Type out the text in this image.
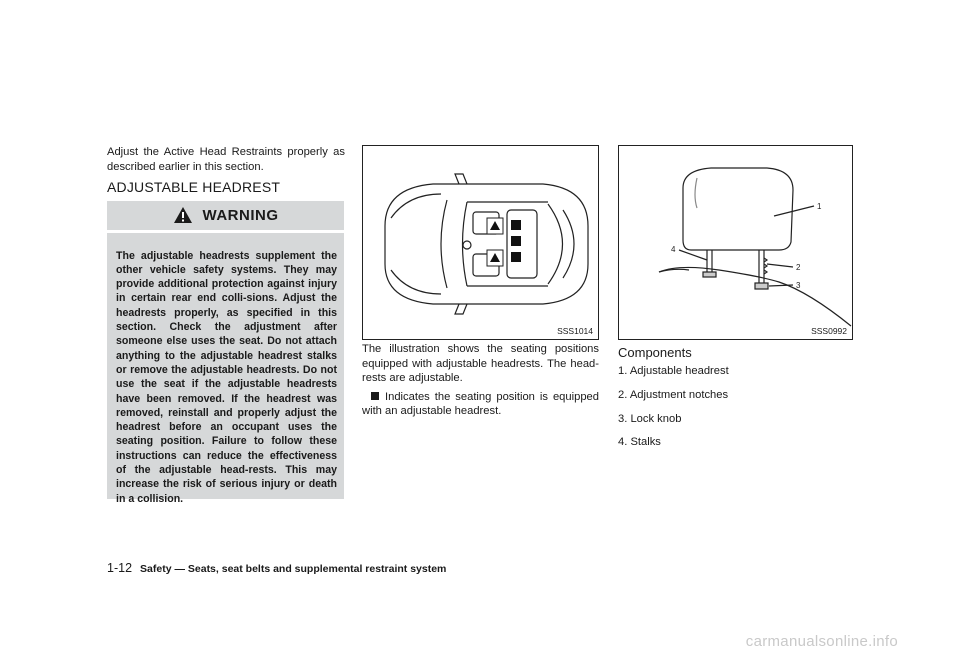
Adjust the Active Head Restraints properly as described earlier in this section.

ADJUSTABLE HEADREST
WARNING

The adjustable headrests supplement the other vehicle safety systems. They may provide additional protection against injury in certain rear end colli-sions. Adjust the headrests properly, as specified in this section. Check the adjustment after someone else uses the seat. Do not attach anything to the adjustable headrest stalks or remove the adjustable headrests. Do not use the seat if the adjustable headrests have been removed. If the headrest was removed, reinstall and properly adjust the headrest before an occupant uses the seating position. Failure to follow these instructions can reduce the effectiveness of the adjustable head-rests. This may increase the risk of serious injury or death in a collision.

SSS1014
1
2
3
4
SSS0992

The illustration shows the seating positions equipped with adjustable headrests. The head-rests are adjustable.

Indicates the seating position is equipped with an adjustable headrest.

Components
1. Adjustable headrest
2. Adjustment notches
3. Lock knob
4. Stalks
1-12 Safety — Seats, seat belts and supplemental restraint system
carmanualsonline.info
